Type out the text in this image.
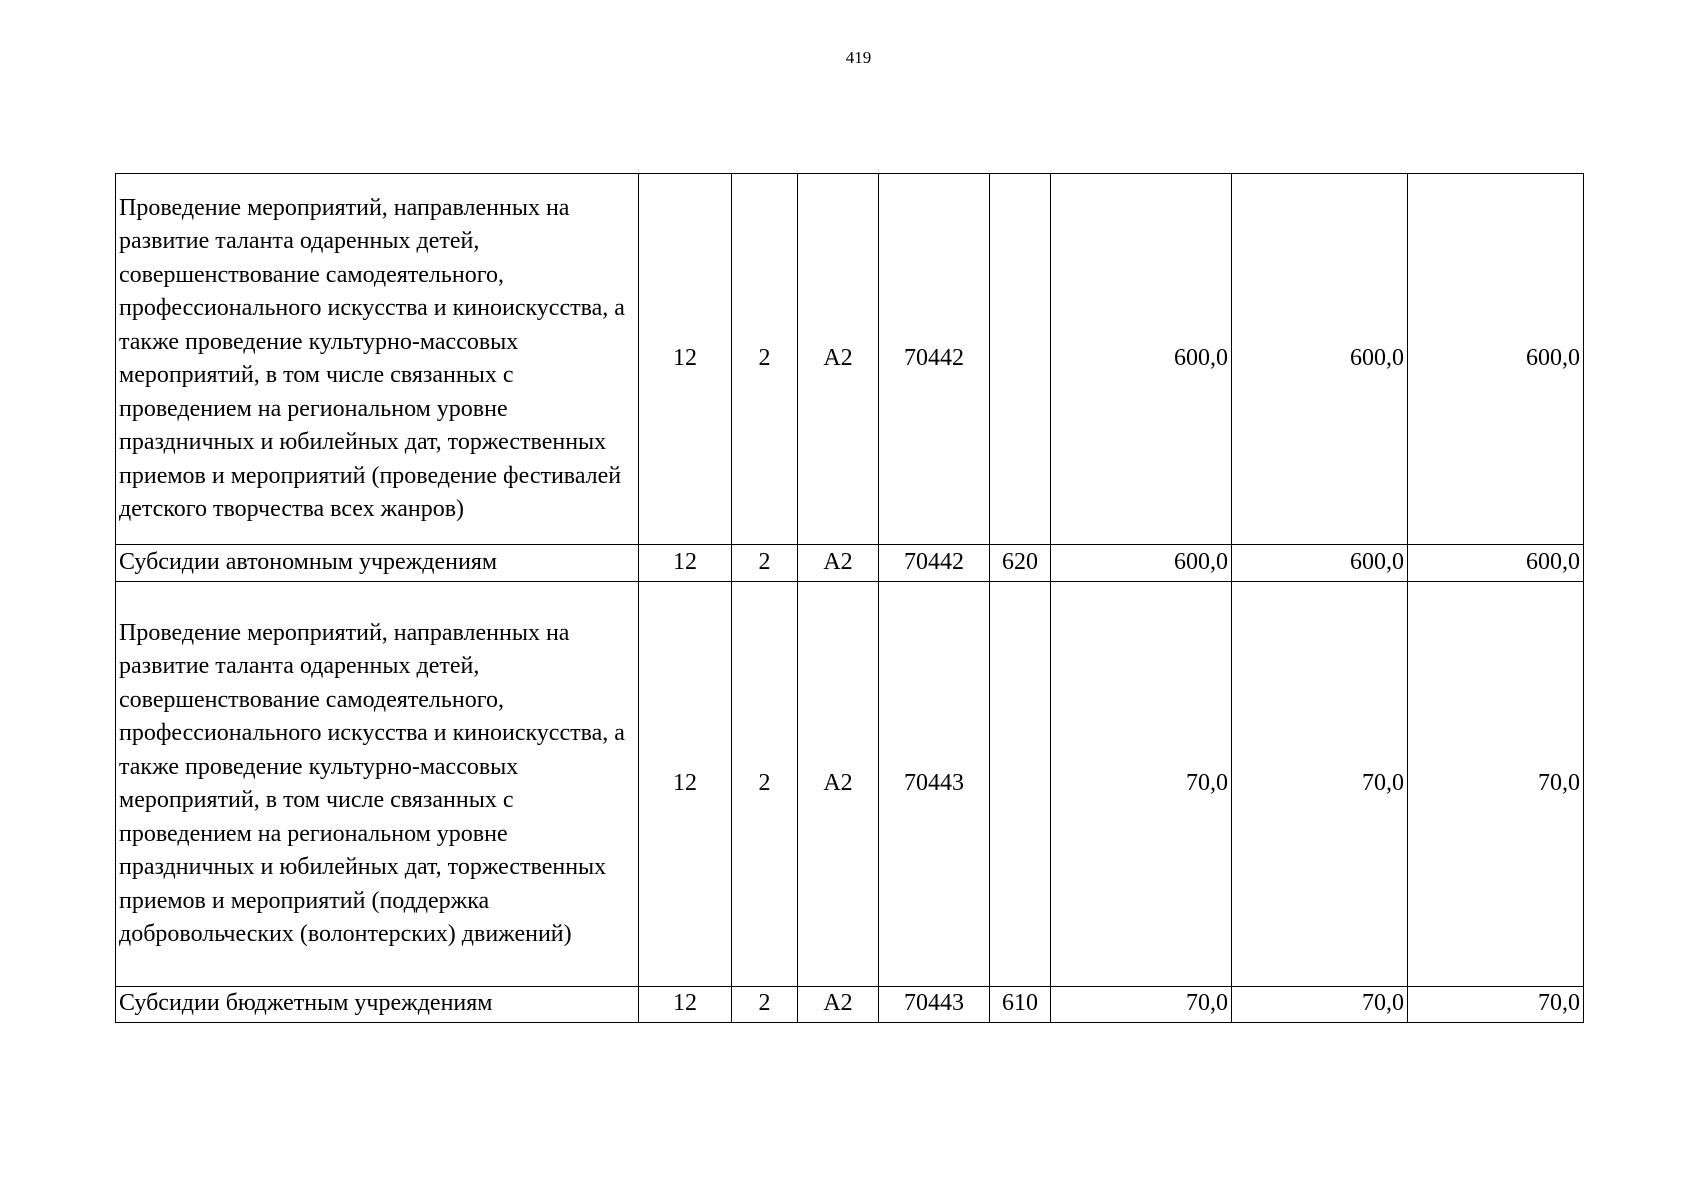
419
Проведение мероприятий, направленных на развитие таланта одаренных детей, совершенствование самодеятельного, профессионального искусства и киноискусства, а также проведение культурно-массовых мероприятий, в том числе связанных с проведением на региональном уровне праздничных и юбилейных дат, торжественных приемов и мероприятий (проведение фестивалей детского творчества всех жанров)	12	2	А2	70442		600,0	600,0	600,0
Субсидии автономным учреждениям	12	2	А2	70442	620	600,0	600,0	600,0
Проведение мероприятий, направленных на развитие таланта одаренных детей, совершенствование самодеятельного, профессионального искусства и киноискусства, а также проведение культурно-массовых мероприятий, в том числе связанных с проведением на региональном уровне праздничных и юбилейных дат, торжественных приемов и мероприятий (поддержка добровольческих (волонтерских) движений)	12	2	А2	70443		70,0	70,0	70,0
Субсидии бюджетным учреждениям	12	2	А2	70443	610	70,0	70,0	70,0
